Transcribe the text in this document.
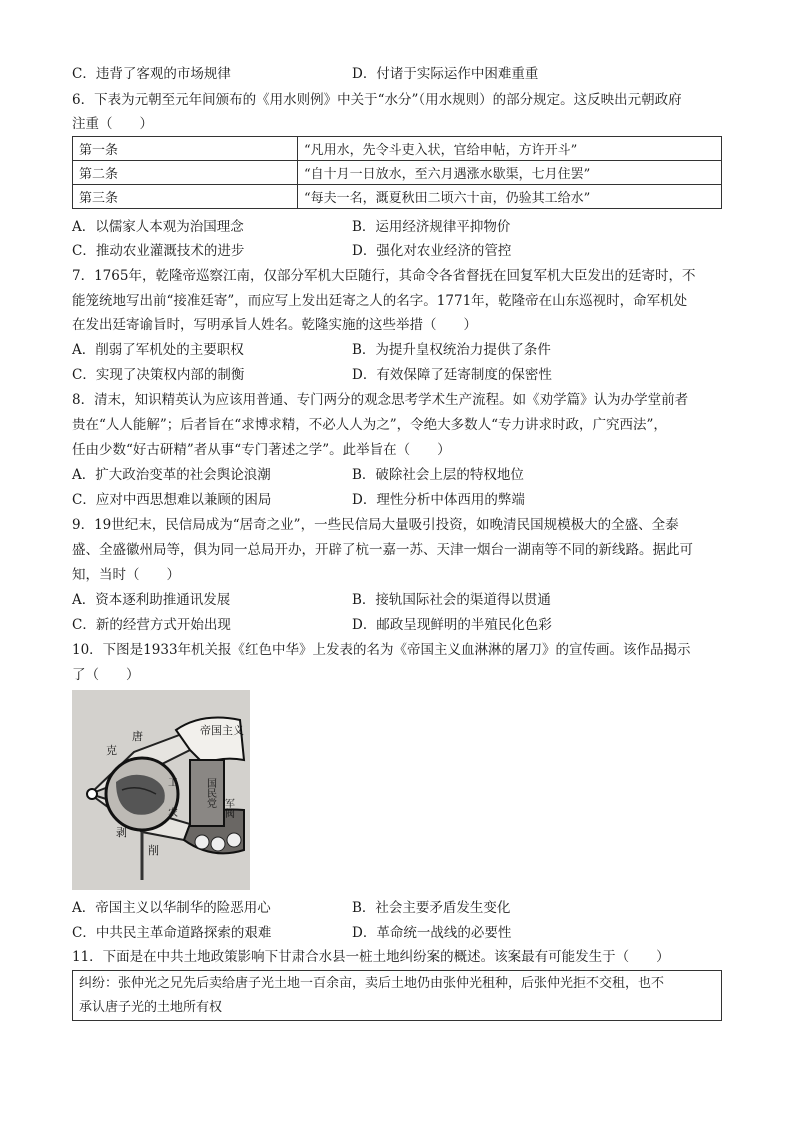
C．违背了客观的市场规律	D．付诸于实际运作中困难重重
6．下表为元朝至元年间颁布的《用水则例》中关于“水分”（用水规则）的部分规定。这反映出元朝政府
注重（　　）
第一条	“凡用水，先令斗吏入状，官给申帖，方许开斗”
第二条	“自十月一日放水，至六月遇涨水歇渠，七月住罢”
第三条	“每夫一名，溉夏秋田二顷六十亩，仍验其工给水”
A．以儒家人本观为治国理念	B．运用经济规律平抑物价
C．推动农业灌溉技术的进步	D．强化对农业经济的管控
7．1765年，乾隆帝巡察江南，仅部分军机大臣随行，其命令各省督抚在回复军机大臣发出的廷寄时，不
能笼统地写出前“接准廷寄”，而应写上发出廷寄之人的名字。1771年，乾隆帝在山东巡视时，命军机处
在发出廷寄谕旨时，写明承旨人姓名。乾隆实施的这些举措（　　）
A．削弱了军机处的主要职权	B．为提升皇权统治力提供了条件
C．实现了决策权内部的制衡	D．有效保障了廷寄制度的保密性
8．清末，知识精英认为应该用普通、专门两分的观念思考学术生产流程。如《劝学篇》认为办学堂前者
贵在“人人能解”；后者旨在“求博求精，不必人人为之”，令绝大多数人“专力讲求时政，广究西法”，
任由少数“好古研精”者从事“专门著述之学”。此举旨在（　　）
A．扩大政治变革的社会舆论浪潮	B．破除社会上层的特权地位
C．应对中西思想难以兼顾的困局	D．理性分析中体西用的弊端
9．19世纪末，民信局成为“居奇之业”，一些民信局大量吸引投资，如晚清民国规模极大的全盛、全泰
盛、全盛徽州局等，俱为同一总局开办，开辟了杭一嘉一苏、天津一烟台一湖南等不同的新线路。据此可
知，当时（　　）
A．资本逐利助推通讯发展	B．接轨国际社会的渠道得以贯通
C．新的经营方式开始出现	D．邮政呈现鲜明的半殖民化色彩
10．下图是1933年机关报《红色中华》上发表的名为《帝国主义血淋淋的屠刀》的宣传画。该作品揭示
了（　　）
帝国主义
国民党 军阀
工
农
克
唐
剥
削
A．帝国主义以华制华的险恶用心	B．社会主要矛盾发生变化
C．中共民主革命道路探索的艰难	D．革命统一战线的必要性
11．下面是在中共土地政策影响下甘肃合水县一桩土地纠纷案的概述。该案最有可能发生于（　　）
纠纷：张仲光之兄先后卖给唐子光土地一百余亩，卖后土地仍由张仲光租种，后张仲光拒不交租，也不
承认唐子光的土地所有权
